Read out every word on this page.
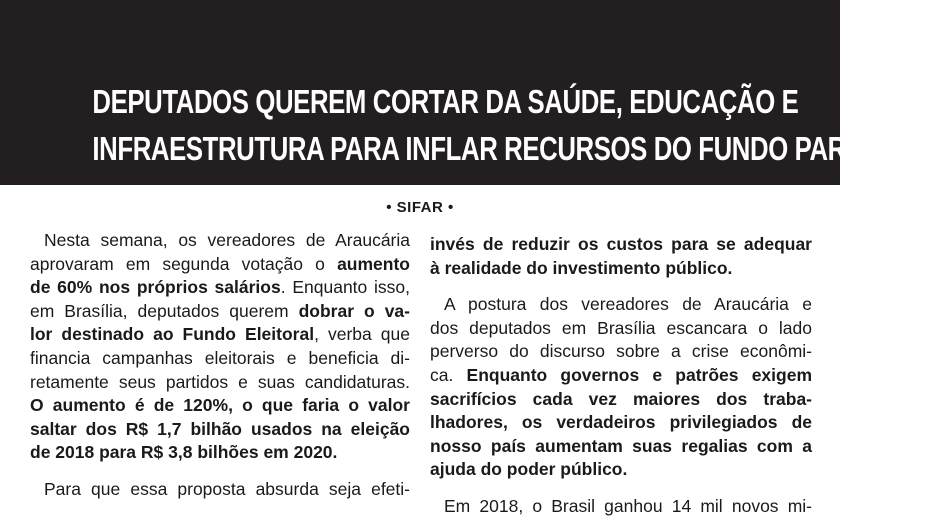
DEPUTADOS QUEREM CORTAR DA SAÚDE, EDUCAÇÃO E
INFRAESTRUTURA PARA INFLAR RECURSOS DO FUNDO PARTIDÁRIO
• SIFAR •
Nesta semana, os vereadores de Araucária
aprovaram em segunda votação o aumento
de 60% nos próprios salários. Enquanto isso,
em Brasília, deputados querem dobrar o va-
lor destinado ao Fundo Eleitoral, verba que
financia campanhas eleitorais e beneficia di-
retamente seus partidos e suas candidaturas.
O aumento é de 120%, o que faria o valor
saltar dos R$ 1,7 bilhão usados na eleição
de 2018 para R$ 3,8 bilhões em 2020.
Para que essa proposta absurda seja efeti-
invés de reduzir os custos para se adequar
à realidade do investimento público.
A postura dos vereadores de Araucária e
dos deputados em Brasília escancara o lado
perverso do discurso sobre a crise econômi-
ca. Enquanto governos e patrões exigem
sacrifícios cada vez maiores dos traba-
lhadores, os verdadeiros privilegiados de
nosso país aumentam suas regalias com a
ajuda do poder público.
Em 2018, o Brasil ganhou 14 mil novos mi-
